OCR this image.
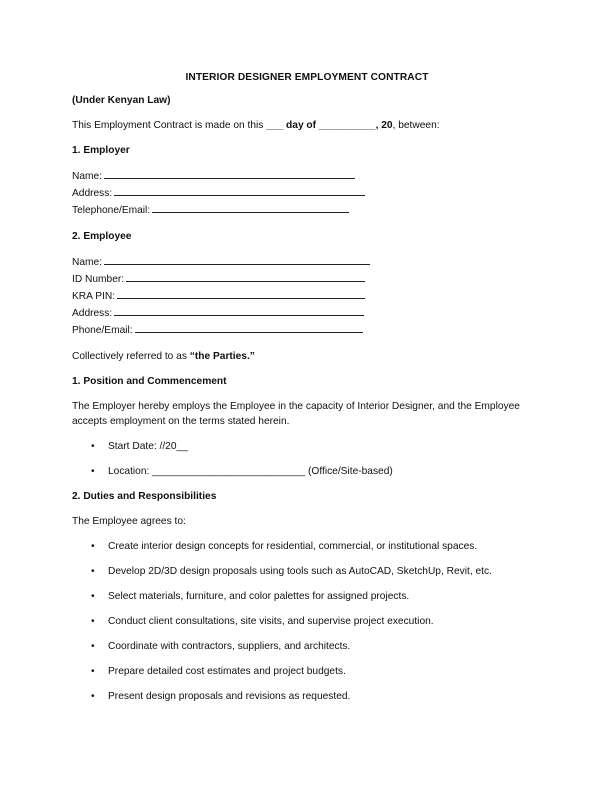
INTERIOR DESIGNER EMPLOYMENT CONTRACT
(Under Kenyan Law)
This Employment Contract is made on this ___ day of __________, 20, between:
1. Employer
Name:
Address:
Telephone/Email:
2. Employee
Name:
ID Number:
KRA PIN:
Address:
Phone/Email:
Collectively referred to as “the Parties.”
1. Position and Commencement
The Employer hereby employs the Employee in the capacity of Interior Designer, and the Employee accepts employment on the terms stated herein.
• Start Date: //20__
• Location: ___________________________ (Office/Site-based)
2. Duties and Responsibilities
The Employee agrees to:
• Create interior design concepts for residential, commercial, or institutional spaces.
• Develop 2D/3D design proposals using tools such as AutoCAD, SketchUp, Revit, etc.
• Select materials, furniture, and color palettes for assigned projects.
• Conduct client consultations, site visits, and supervise project execution.
• Coordinate with contractors, suppliers, and architects.
• Prepare detailed cost estimates and project budgets.
• Present design proposals and revisions as requested.
